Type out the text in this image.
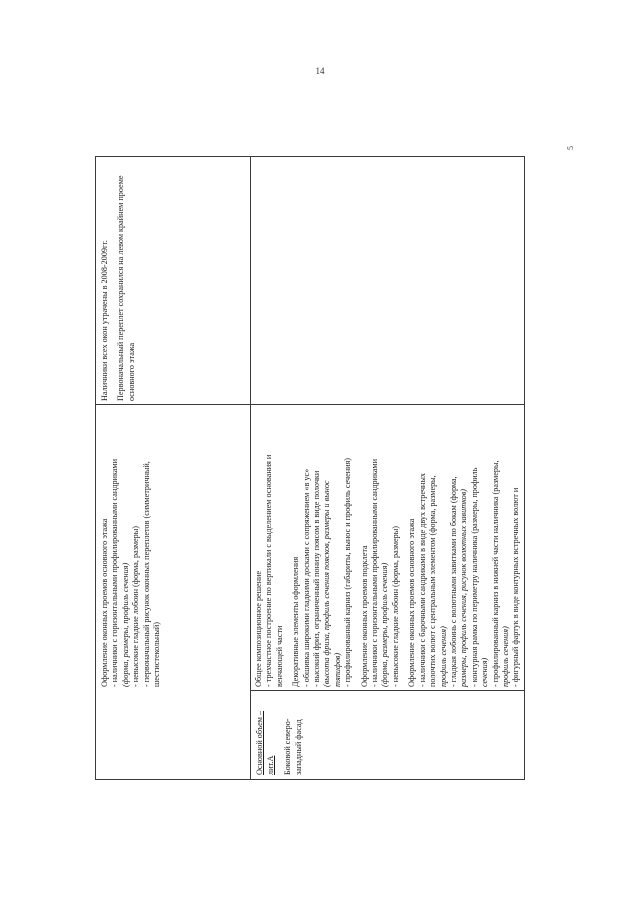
14
5

Оформление оконных проемов основного этажа - наличники с горизонтальными профилированными сандриками (форма, размеры, профиль сечения) - невысокие гладкие лобоин (форма, размеры) - первоначальный рисунок оконных переплетов (симметричный, шестистекольный)

Наличники всех окон утрачены в 2008-2009гг. Первоначальный переплет сохранился на левом крайнем проеме основного этажа

Основной объем – лит.А Боковой северо-западный фасад

Общее композиционное решение - трехчастное построение по вертикали с выделением основания и венчающей части Декоративные элементы оформления - обшивка широкими гладкими досками с сопряжением «в ус» - высокий фриз, ограниченный понизу поясом в виде полочки (высота фриза, профиль сечения поясков, размеры и вынос тяпифов) - профилированный карниз (габариты, вынос и профиль сечения) Оформление оконных проемов подклета - наличники с горизонтальными профилированными сандриками (форма, размеры, профиль сечения) - невысокие гладкие лобоин (форма, размеры) Оформление оконных проемов основного этажа - наличники с барочными сандриками в виде двух встречных полочтих волют с центральным элементом (форма, размеры, профиль сечения) - гладкая лобоинь с волютными завитками по бокам (форма, размеры, профиль сечения, рисунок волютных завитков) - контурная рамка по периметру наличника (размеры, профиль сечения) - профилированный карниз в нижней части наличника (размеры, профиль сечения) - фигурный фартук в виде контурных встречных волют и
